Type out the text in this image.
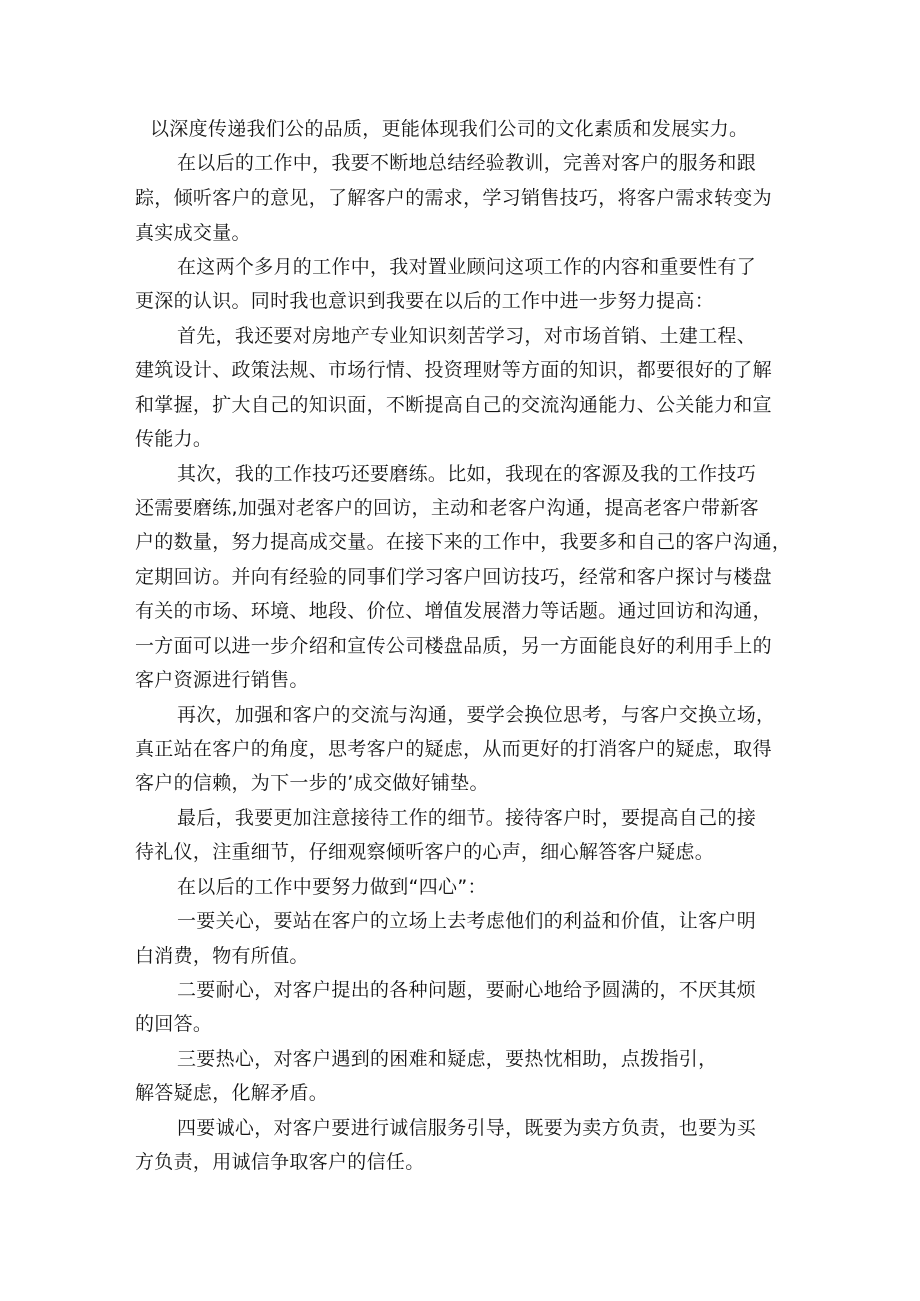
以深度传递我们公的品质，更能体现我们公司的文化素质和发展实力。
在以后的工作中，我要不断地总结经验教训，完善对客户的服务和跟
踪，倾听客户的意见，了解客户的需求，学习销售技巧，将客户需求转变为
真实成交量。
在这两个多月的工作中，我对置业顾问这项工作的内容和重要性有了
更深的认识。同时我也意识到我要在以后的工作中进一步努力提高：
首先，我还要对房地产专业知识刻苦学习，对市场首销、土建工程、
建筑设计、政策法规、市场行情、投资理财等方面的知识，都要很好的了解
和掌握，扩大自己的知识面，不断提高自己的交流沟通能力、公关能力和宣
传能力。
其次，我的工作技巧还要磨练。比如，我现在的客源及我的工作技巧
还需要磨练,加强对老客户的回访，主动和老客户沟通，提高老客户带新客
户的数量，努力提高成交量。在接下来的工作中，我要多和自己的客户沟通，
定期回访。并向有经验的同事们学习客户回访技巧，经常和客户探讨与楼盘
有关的市场、环境、地段、价位、增值发展潜力等话题。通过回访和沟通，
一方面可以进一步介绍和宣传公司楼盘品质，另一方面能良好的利用手上的
客户资源进行销售。
再次，加强和客户的交流与沟通，要学会换位思考，与客户交换立场，
真正站在客户的角度，思考客户的疑虑，从而更好的打消客户的疑虑，取得
客户的信赖，为下一步的’成交做好铺垫。
最后，我要更加注意接待工作的细节。接待客户时，要提高自己的接
待礼仪，注重细节，仔细观察倾听客户的心声，细心解答客户疑虑。
在以后的工作中要努力做到“四心”：
一要关心，要站在客户的立场上去考虑他们的利益和价值，让客户明
白消费，物有所值。
二要耐心，对客户提出的各种问题，要耐心地给予圆满的，不厌其烦
的回答。
三要热心，对客户遇到的困难和疑虑，要热忱相助，点拨指引，
解答疑虑，化解矛盾。
四要诚心，对客户要进行诚信服务引导，既要为卖方负责，也要为买
方负责，用诚信争取客户的信任。
